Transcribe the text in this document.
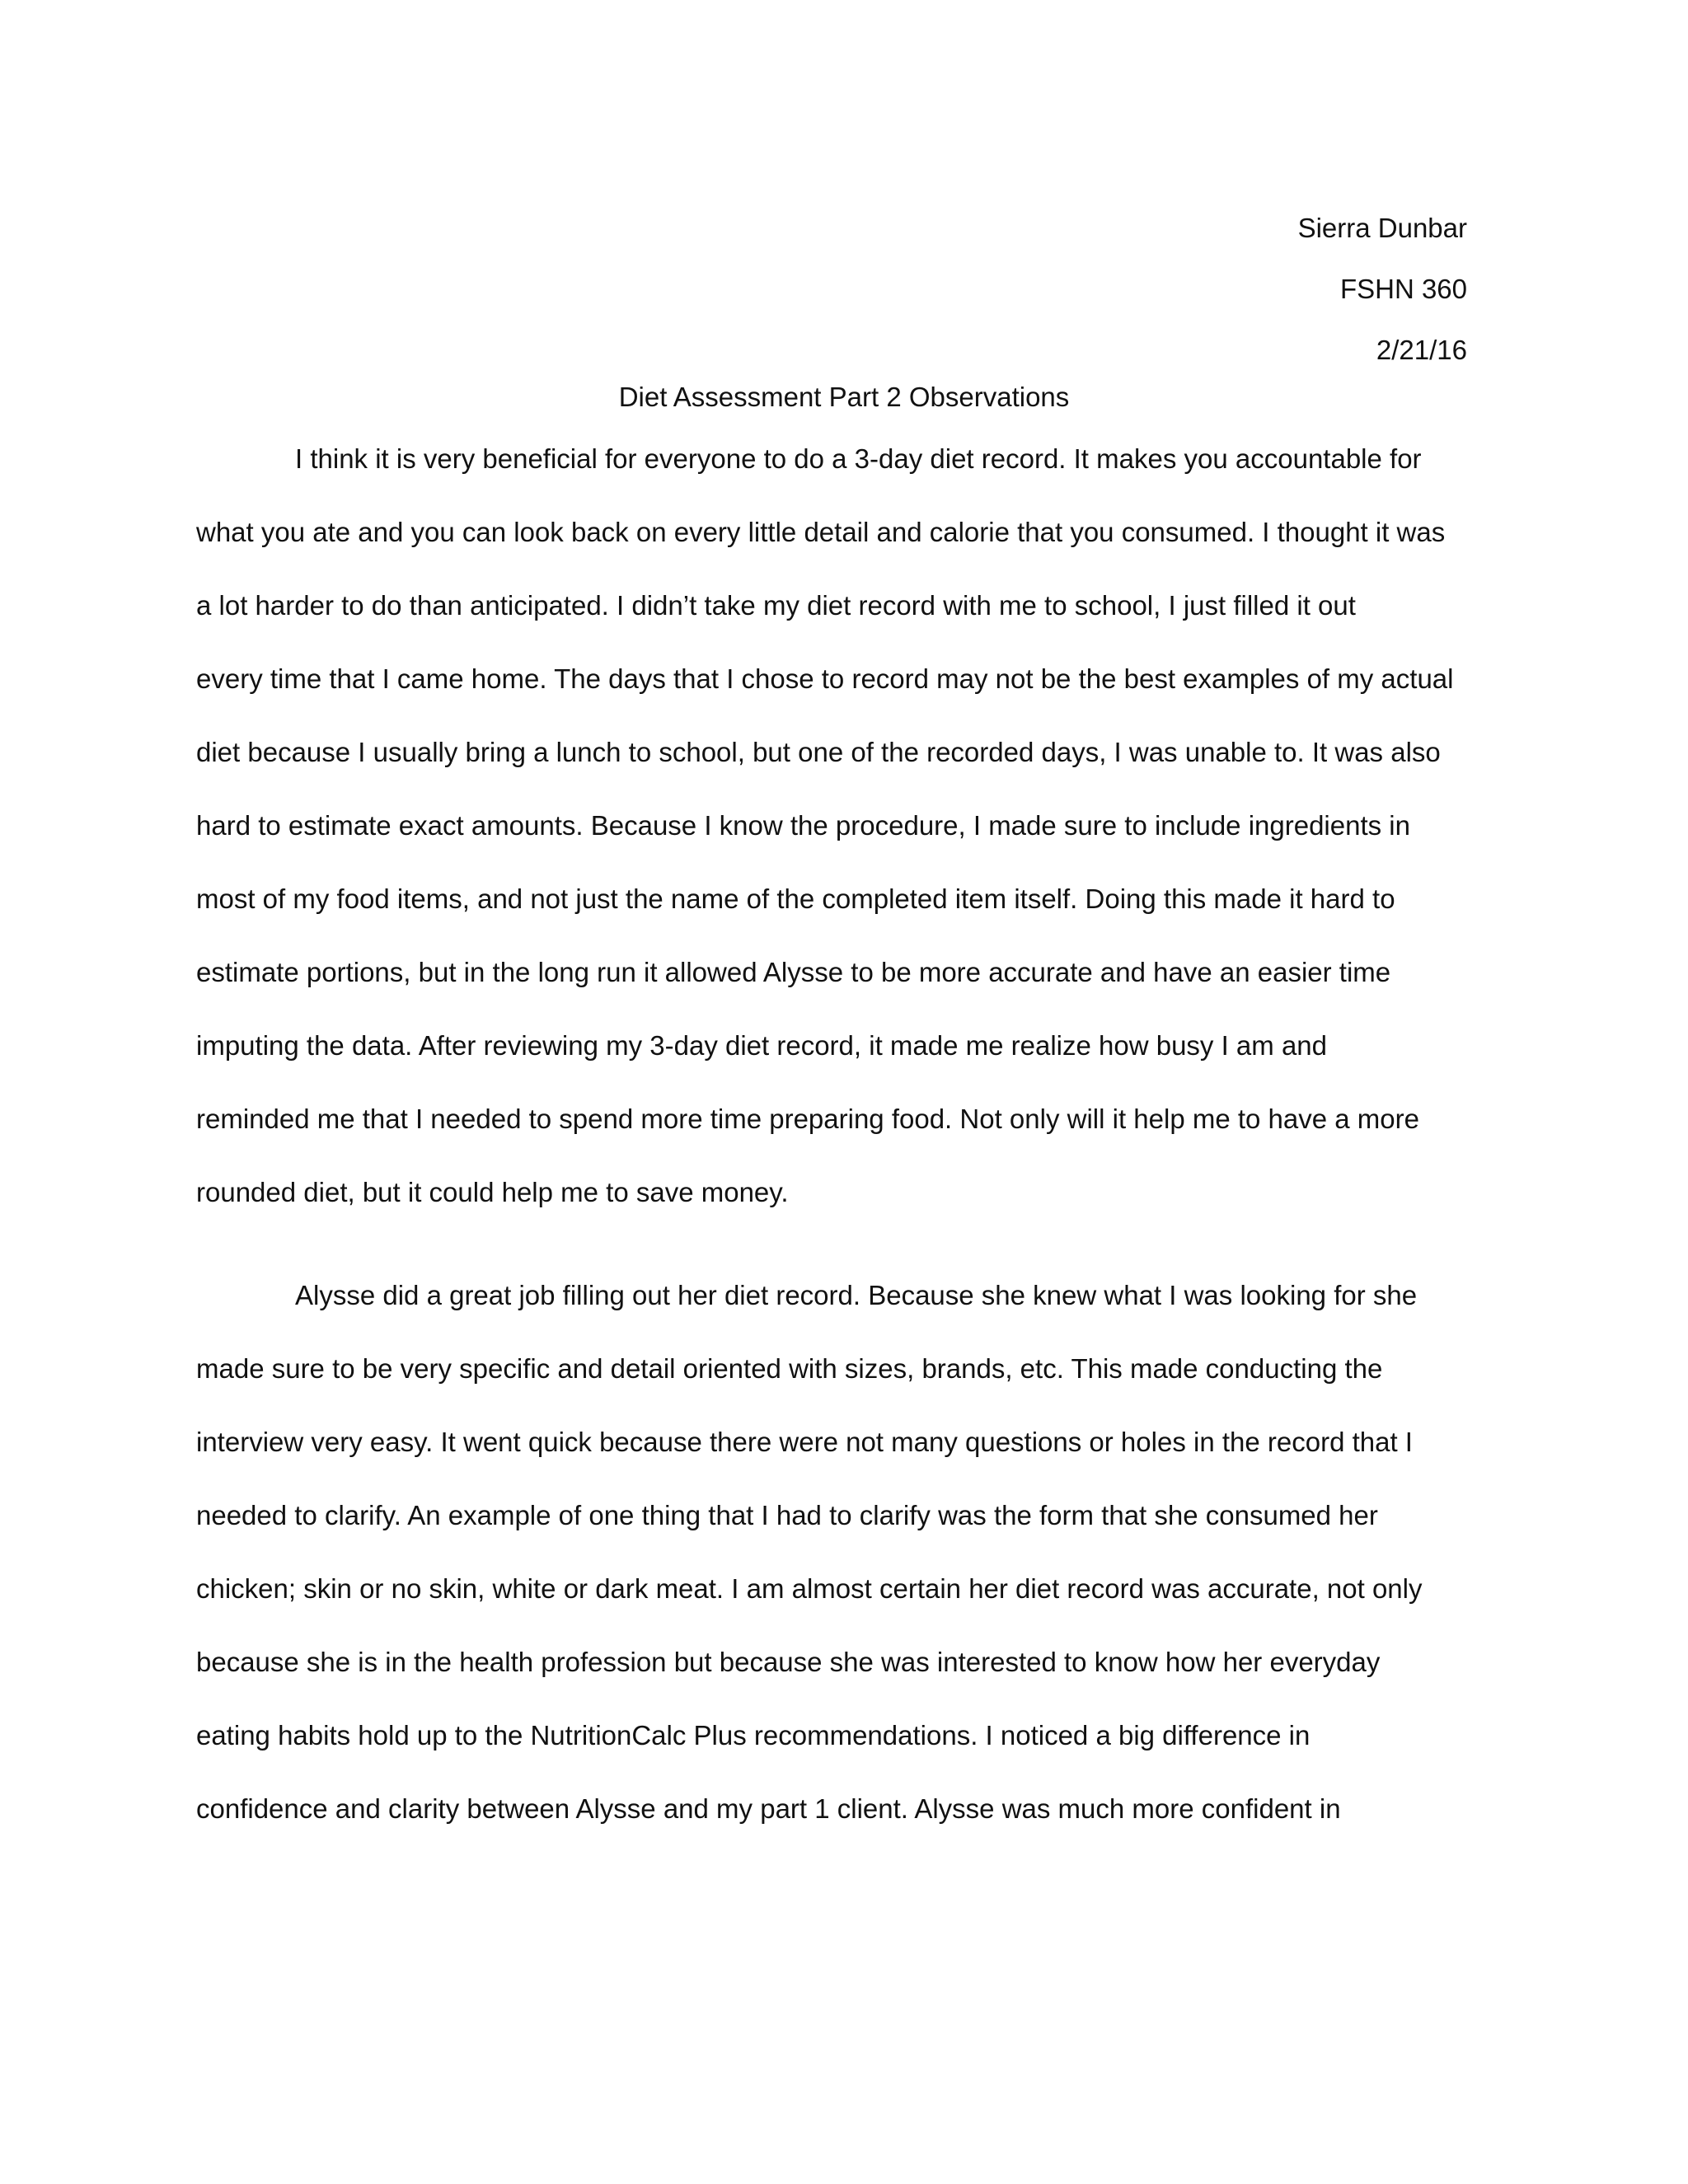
Sierra Dunbar
FSHN 360
2/21/16
Diet Assessment Part 2 Observations
I think it is very beneficial for everyone to do a 3-day diet record. It makes you accountable for
what you ate and you can look back on every little detail and calorie that you consumed. I thought it was
a lot harder to do than anticipated. I didn’t take my diet record with me to school, I just filled it out
every time that I came home. The days that I chose to record may not be the best examples of my actual
diet because I usually bring a lunch to school, but one of the recorded days, I was unable to. It was also
hard to estimate exact amounts. Because I know the procedure, I made sure to include ingredients in
most of my food items, and not just the name of the completed item itself. Doing this made it hard to
estimate portions, but in the long run it allowed Alysse to be more accurate and have an easier time
imputing the data. After reviewing my 3-day diet record, it made me realize how busy I am and
reminded me that I needed to spend more time preparing food. Not only will it help me to have a more
rounded diet, but it could help me to save money.
Alysse did a great job filling out her diet record. Because she knew what I was looking for she
made sure to be very specific and detail oriented with sizes, brands, etc. This made conducting the
interview very easy. It went quick because there were not many questions or holes in the record that I
needed to clarify. An example of one thing that I had to clarify was the form that she consumed her
chicken; skin or no skin, white or dark meat. I am almost certain her diet record was accurate, not only
because she is in the health profession but because she was interested to know how her everyday
eating habits hold up to the NutritionCalc Plus recommendations. I noticed a big difference in
confidence and clarity between Alysse and my part 1 client. Alysse was much more confident in
